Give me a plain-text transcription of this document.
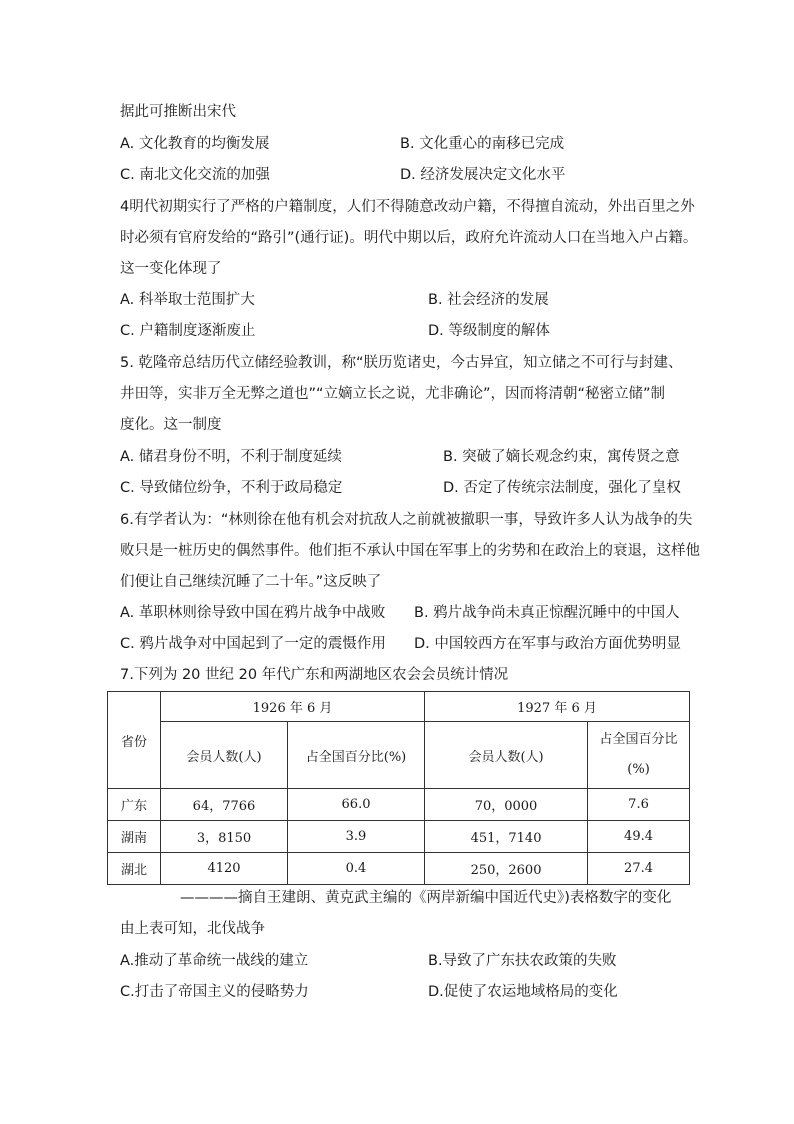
据此可推断出宋代
A. 文化教育的均衡发展	B. 文化重心的南移已完成
C. 南北文化交流的加强	D. 经济发展决定文化水平
4明代初期实行了严格的户籍制度，人们不得随意改动户籍，不得擅自流动，外出百里之外
时必须有官府发给的“路引”(通行证)。明代中期以后，政府允许流动人口在当地入户占籍。
这一变化体现了
A. 科举取士范围扩大	B. 社会经济的发展
C. 户籍制度逐渐废止	D. 等级制度的解体
5. 乾隆帝总结历代立储经验教训，称“朕历览诸史，今古异宜，知立储之不可行与封建、
井田等，实非万全无弊之道也”“立嫡立长之说，尤非确论”，因而将清朝“秘密立储”制
度化。这一制度
A. 储君身份不明，不利于制度延续	B. 突破了嫡长观念约束，寓传贤之意
C. 导致储位纷争，不利于政局稳定	D. 否定了传统宗法制度，强化了皇权
6.有学者认为：“林则徐在他有机会对抗敌人之前就被撤职一事，导致许多人认为战争的失
败只是一桩历史的偶然事件。他们拒不承认中国在军事上的劣势和在政治上的衰退，这样他
们便让自己继续沉睡了二十年。”这反映了
A. 革职林则徐导致中国在鸦片战争中战败 B. 鸦片战争尚未真正惊醒沉睡中的中国人
C. 鸦片战争对中国起到了一定的震慑作用 D. 中国较西方在军事与政治方面优势明显
7.下列为 20 世纪 20 年代广东和两湖地区农会会员统计情况
省份	1926 年 6 月		1927 年 6 月	
	会员人数(人)	占全国百分比(%)	会员人数(人)	占全国百分比
(%)
广东	64，7766	66.0	70，0000	7.6
湖南	3，8150	3.9	451，7140	49.4
湖北	4120	0.4	250，2600	27.4
————摘自王建朗、黄克武主编的《两岸新编中国近代史》)表格数字的变化
由上表可知，北伐战争
A.推动了革命统一战线的建立	B.导致了广东扶农政策的失败
C.打击了帝国主义的侵略势力	D.促使了农运地域格局的变化
